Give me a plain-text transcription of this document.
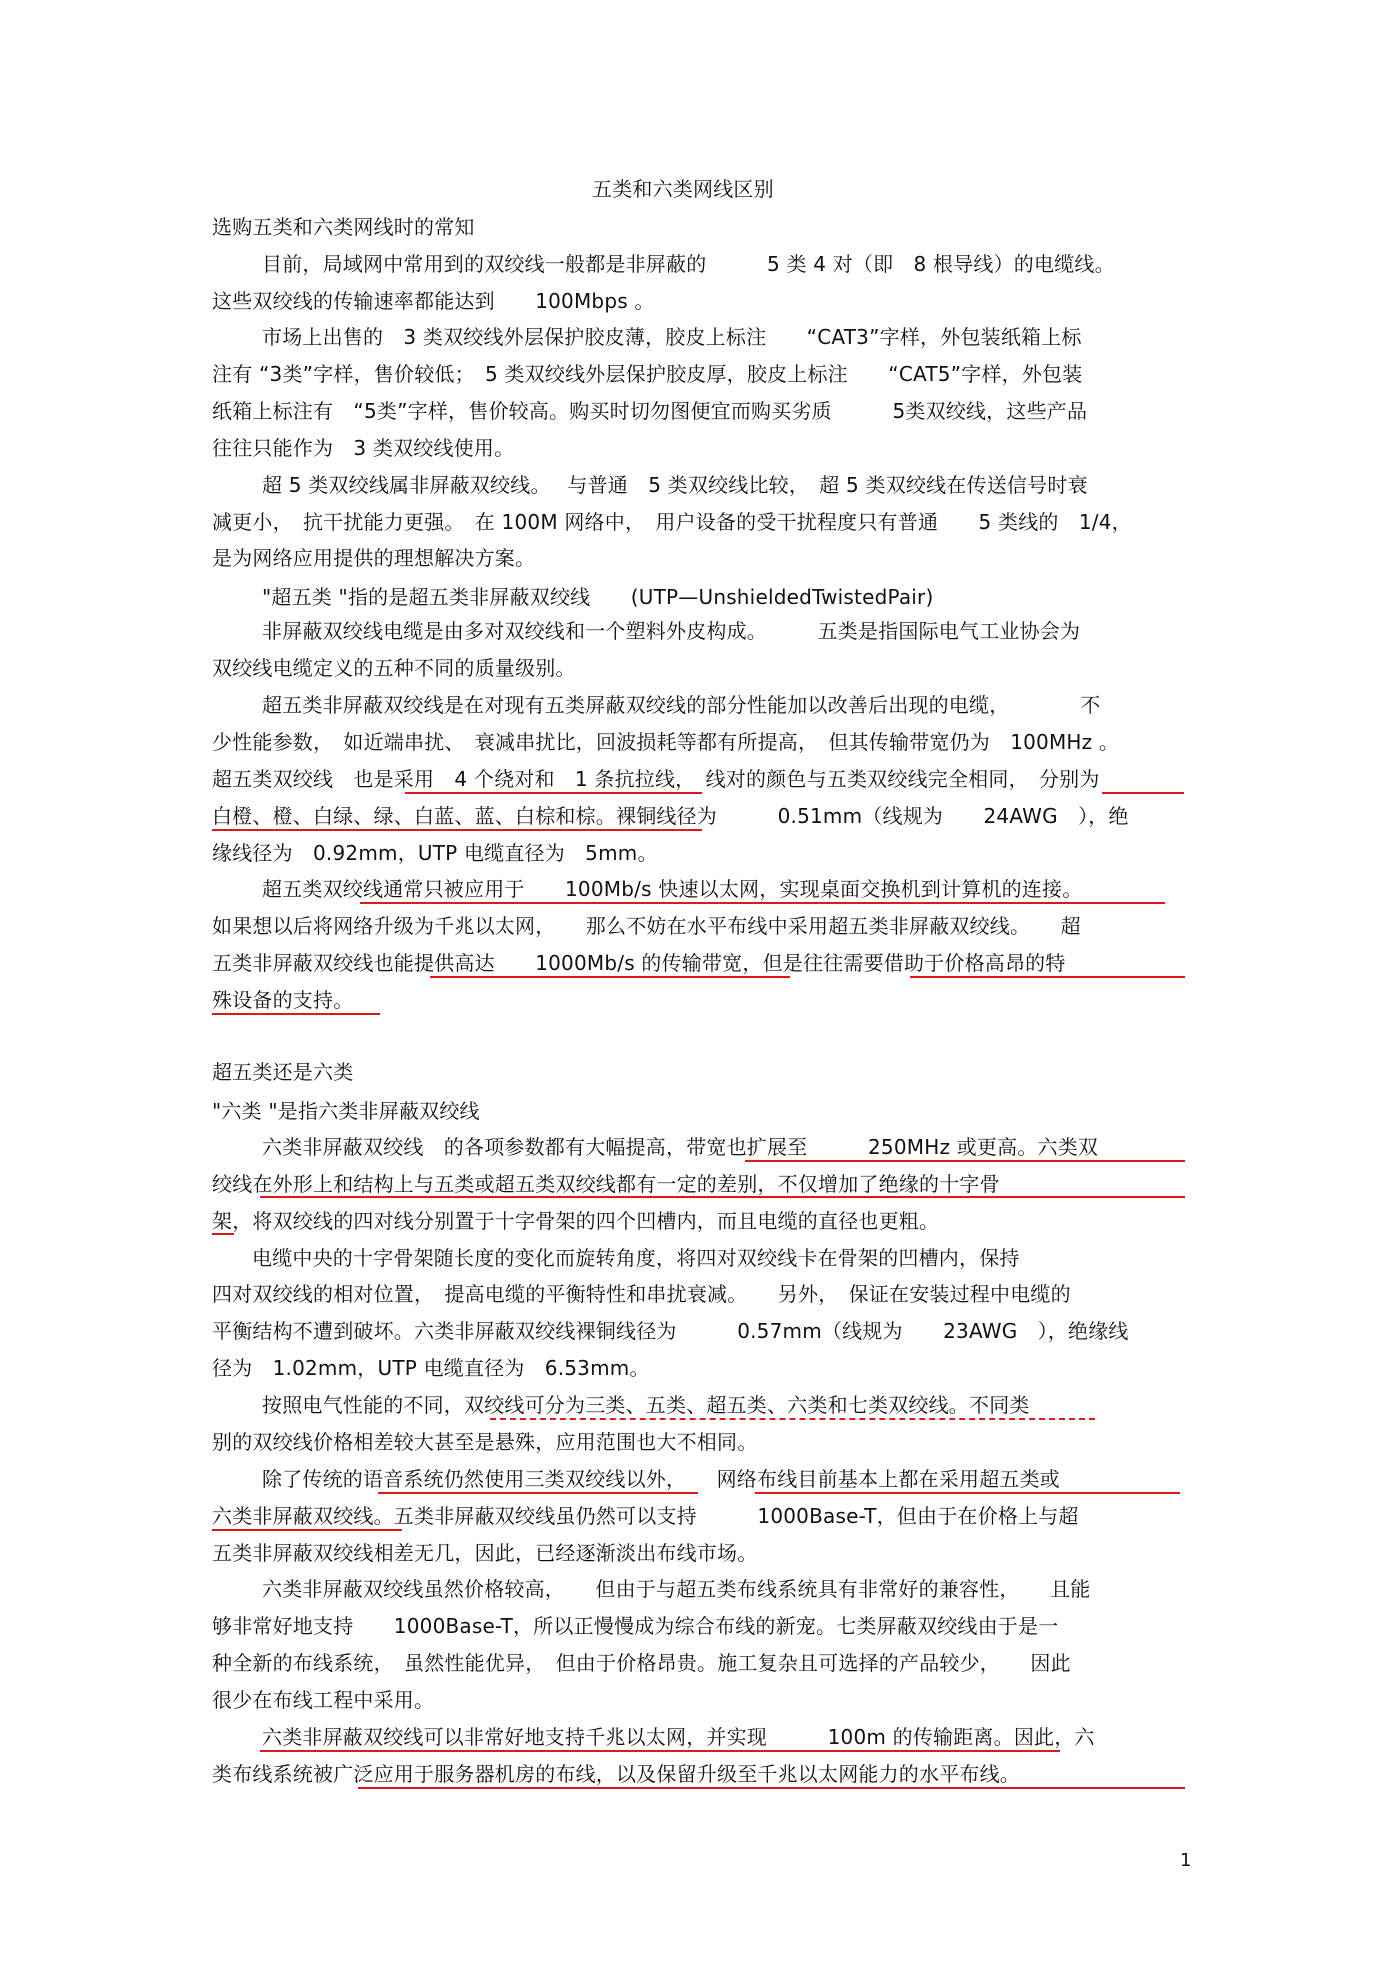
五类和六类网线区别
选购五类和六类网线时的常知
目前，局域网中常用到的双绞线一般都是非屏蔽的　　　5 类 4 对（即　8 根导线）的电缆线。
这些双绞线的传输速率都能达到　　100Mbps 。
市场上出售的　3 类双绞线外层保护胶皮薄，胶皮上标注　　“CAT3”字样，外包装纸箱上标
注有 “3类”字样，售价较低；　5 类双绞线外层保护胶皮厚，胶皮上标注　　“CAT5”字样，外包装
纸箱上标注有　“5类”字样，售价较高。购买时切勿图便宜而购买劣质　　　5类双绞线，这些产品
往往只能作为　3 类双绞线使用。
超 5 类双绞线属非屏蔽双绞线。　 与普通　5 类双绞线比较，　超 5 类双绞线在传送信号时衰
减更小，　抗干扰能力更强。　在 100M 网络中，　用户设备的受干扰程度只有普通　　5 类线的　1/4，
是为网络应用提供的理想解决方案。
"超五类 "指的是超五类非屏蔽双绞线　　(UTP—UnshieldedTwistedPair)
非屏蔽双绞线电缆是由多对双绞线和一个塑料外皮构成。　　　五类是指国际电气工业协会为
双绞线电缆定义的五种不同的质量级别。
超五类非屏蔽双绞线是在对现有五类屏蔽双绞线的部分性能加以改善后出现的电缆，　　　　不
少性能参数，　如近端串扰、　衰减串扰比，回波损耗等都有所提高，　但其传输带宽仍为　100MHz 。
超五类双绞线　也是采用　4 个绕对和　1 条抗拉线，　线对的颜色与五类双绞线完全相同，　分别为
白橙、橙、白绿、绿、白蓝、蓝、白棕和棕。裸铜线径为　　　0.51mm（线规为　　24AWG　），绝
缘线径为　0.92mm，UTP 电缆直径为　5mm。
超五类双绞线通常只被应用于　　100Mb/s 快速以太网，实现桌面交换机到计算机的连接。
如果想以后将网络升级为千兆以太网，　　那么不妨在水平布线中采用超五类非屏蔽双绞线。　　超
五类非屏蔽双绞线也能提供高达　　1000Mb/s 的传输带宽，但是往往需要借助于价格高昂的特
殊设备的支持。
超五类还是六类
"六类 "是指六类非屏蔽双绞线
六类非屏蔽双绞线　的各项参数都有大幅提高，带宽也扩展至　　　250MHz 或更高。六类双
绞线在外形上和结构上与五类或超五类双绞线都有一定的差别，不仅增加了绝缘的十字骨
架，将双绞线的四对线分别置于十字骨架的四个凹槽内，而且电缆的直径也更粗。
电缆中央的十字骨架随长度的变化而旋转角度，将四对双绞线卡在骨架的凹槽内，保持
四对双绞线的相对位置，　提高电缆的平衡特性和串扰衰减。　　另外，　保证在安装过程中电缆的
平衡结构不遭到破坏。六类非屏蔽双绞线裸铜线径为　　　0.57mm（线规为　　23AWG　），绝缘线
径为　1.02mm，UTP 电缆直径为　6.53mm。
按照电气性能的不同，双绞线可分为三类、五类、超五类、六类和七类双绞线。不同类
别的双绞线价格相差较大甚至是悬殊，应用范围也大不相同。
除了传统的语音系统仍然使用三类双绞线以外，　　网络布线目前基本上都在采用超五类或
六类非屏蔽双绞线。五类非屏蔽双绞线虽仍然可以支持　　　1000Base-T，但由于在价格上与超
五类非屏蔽双绞线相差无几，因此，已经逐渐淡出布线市场。
六类非屏蔽双绞线虽然价格较高，　　但由于与超五类布线系统具有非常好的兼容性，　　且能
够非常好地支持　　1000Base-T，所以正慢慢成为综合布线的新宠。七类屏蔽双绞线由于是一
种全新的布线系统，　虽然性能优异，　但由于价格昂贵。施工复杂且可选择的产品较少，　　因此
很少在布线工程中采用。
六类非屏蔽双绞线可以非常好地支持千兆以太网，并实现　　　100m 的传输距离。因此，六
类布线系统被广泛应用于服务器机房的布线，以及保留升级至千兆以太网能力的水平布线。
1
